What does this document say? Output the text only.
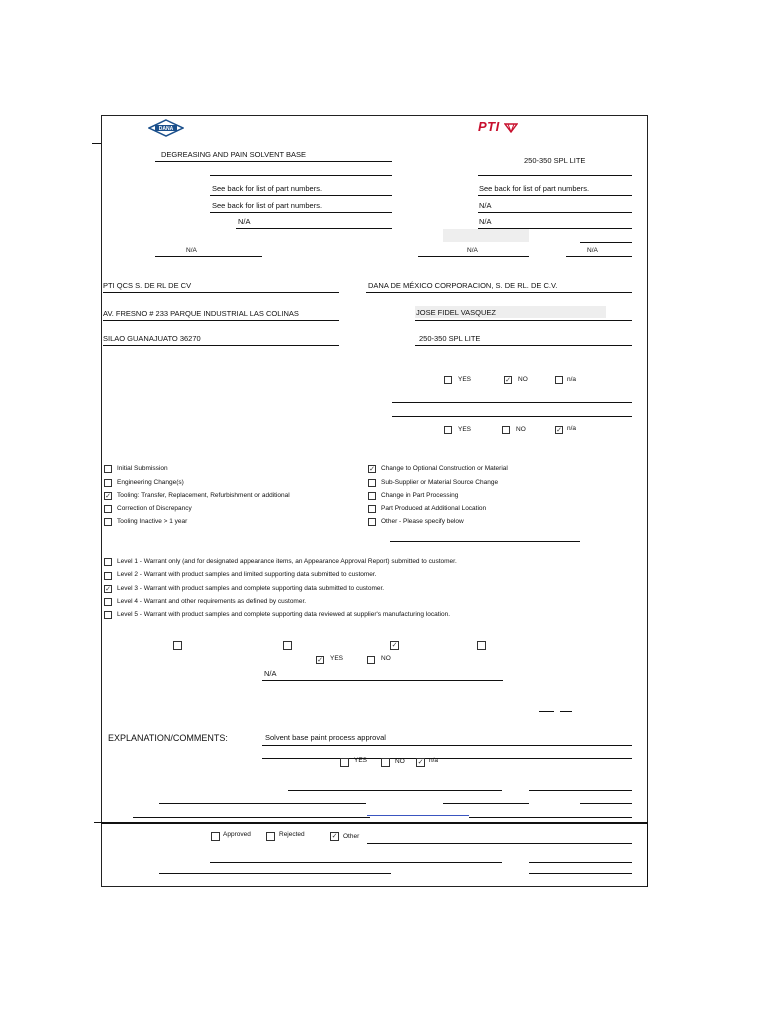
DANA	PTI
DEGREASING AND PAIN SOLVENT BASE
250-350 SPL LITE
See back for list of part numbers.	See back for list of part numbers.
See back for list of part numbers.	N/A
N/A	N/A
N/A	N/A	N/A
PTI QCS S. DE RL DE CV	DANA DE MÉXICO CORPORACION, S. DE RL. DE C.V.
AV. FRESNO # 233 PARQUE INDUSTRIAL LAS COLINAS	JOSE FIDEL VASQUEZ
SILAO GUANAJUATO 36270	250-350 SPL LITE
YES	✓ NO	n/a
YES	NO	✓ n/a
Initial Submission
Engineering Change(s)
✓ Tooling: Transfer, Replacement, Refurbishment or additional
Correction of Discrepancy
Tooling Inactive > 1 year
✓ Change to Optional Construction or Material
Sub-Supplier or Material Source Change
Change in Part Processing
Part Produced at Additional Location
Other - Please specify below
Level 1 - Warrant only (and for designated appearance items, an Appearance Approval Report) submitted to customer.
Level 2 - Warrant with product samples and limited supporting data submitted to customer.
✓ Level 3 - Warrant with product samples and complete supporting data submitted to customer.
Level 4 - Warrant and other requirements as defined by customer.
Level 5 - Warrant with product samples and complete supporting data reviewed at supplier's manufacturing location.
✓
✓ YES	NO
N/A
EXPLANATION/COMMENTS:	Solvent base paint process approval
YES	NO ✓ n/a
Approved	Rejected	✓ Other
